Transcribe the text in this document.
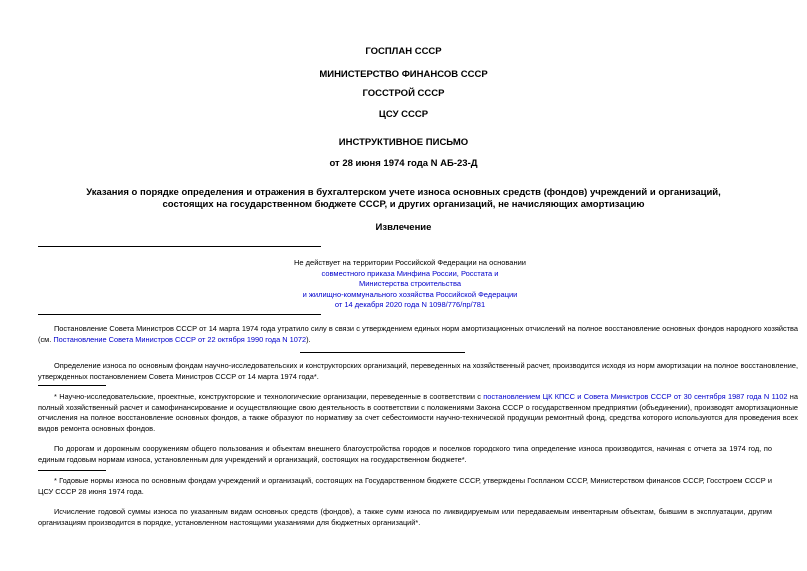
ГОСПЛАН СССР
МИНИСТЕРСТВО ФИНАНСОВ СССР
ГОССТРОЙ СССР
ЦСУ СССР
ИНСТРУКТИВНОЕ ПИСЬМО
от 28 июня 1974 года N АБ-23-Д
Указания о порядке определения и отражения в бухгалтерском учете износа основных средств (фондов) учреждений и организаций, состоящих на государственном бюджете СССР, и других организаций, не начисляющих амортизацию
Извлечение
Не действует на территории Российской Федерации на основании
совместного приказа Минфина России, Росстата и
Министерства строительства
и жилищно-коммунального хозяйства Российской Федерации
от 14 декабря 2020 года N 1098/776/пр/781
Постановление Совета Министров СССР от 14 марта 1974 года утратило силу в связи с утверждением единых норм амортизационных отчислений на полное восстановление основных фондов народного хозяйства (см. Постановление Совета Министров СССР от 22 октября 1990 года N 1072).
Определение износа по основным фондам научно-исследовательских и конструкторских организаций, переведенных на хозяйственный расчет, производится исходя из норм амортизации на полное восстановление, утвержденных постановлением Совета Министров СССР от 14 марта 1974 года*.
* Научно-исследовательские, проектные, конструкторские и технологические организации, переведенные в соответствии с постановлением ЦК КПСС и Совета Министров СССР от 30 сентября 1987 года N 1102 на полный хозяйственный расчет и самофинансирование и осуществляющие свою деятельность в соответствии с положениями Закона СССР о государственном предприятии (объединении), производят амортизационные отчисления на полное восстановление основных фондов, а также образуют по нормативу за счет себестоимости научно-технической продукции ремонтный фонд, средства которого используются для проведения всех видов ремонта основных фондов.
По дорогам и дорожным сооружениям общего пользования и объектам внешнего благоустройства городов и поселков городского типа определение износа производится, начиная с отчета за 1974 год, по единым годовым нормам износа, установленным для учреждений и организаций, состоящих на государственном бюджете*.
* Годовые нормы износа по основным фондам учреждений и организаций, состоящих на Государственном бюджете СССР, утверждены Госпланом СССР, Министерством финансов СССР, Госстроем СССР и ЦСУ СССР 28 июня 1974 года.
Исчисление годовой суммы износа по указанным видам основных средств (фондов), а также сумм износа по ликвидируемым или передаваемым инвентарным объектам, бывшим в эксплуатации, другим организациям производится в порядке, установленном настоящими указаниями для бюджетных организаций*.
